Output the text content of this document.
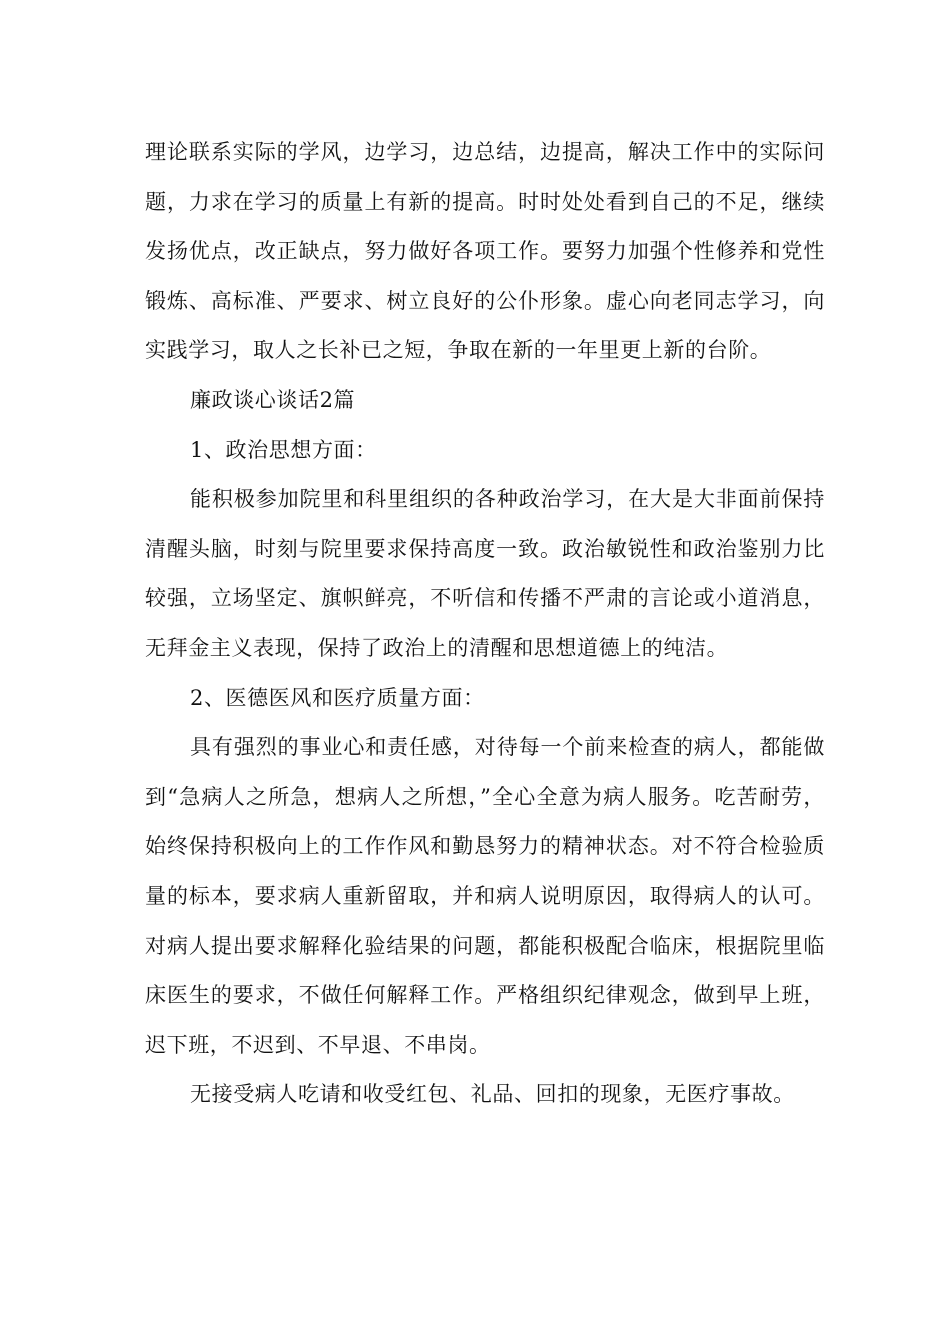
理论联系实际的学风，边学习，边总结，边提高，解决工作中的实际问题，力求在学习的质量上有新的提高。时时处处看到自己的不足，继续发扬优点，改正缺点，努力做好各项工作。要努力加强个性修养和党性锻炼、高标准、严要求、树立良好的公仆形象。虚心向老同志学习，向实践学习，取人之长补已之短，争取在新的一年里更上新的台阶。

廉政谈心谈话2篇

1、政治思想方面：

能积极参加院里和科里组织的各种政治学习，在大是大非面前保持清醒头脑，时刻与院里要求保持高度一致。政治敏锐性和政治鉴别力比较强，立场坚定、旗帜鲜亮，不听信和传播不严肃的言论或小道消息，无拜金主义表现，保持了政治上的清醒和思想道德上的纯洁。

2、医德医风和医疗质量方面：

具有强烈的事业心和责任感，对待每一个前来检查的病人，都能做到“急病人之所急，想病人之所想，”全心全意为病人服务。吃苦耐劳，始终保持积极向上的工作作风和勤恳努力的精神状态。对不符合检验质量的标本，要求病人重新留取，并和病人说明原因，取得病人的认可。对病人提出要求解释化验结果的问题，都能积极配合临床，根据院里临床医生的要求，不做任何解释工作。严格组织纪律观念，做到早上班，迟下班，不迟到、不早退、不串岗。

无接受病人吃请和收受红包、礼品、回扣的现象，无医疗事故。
